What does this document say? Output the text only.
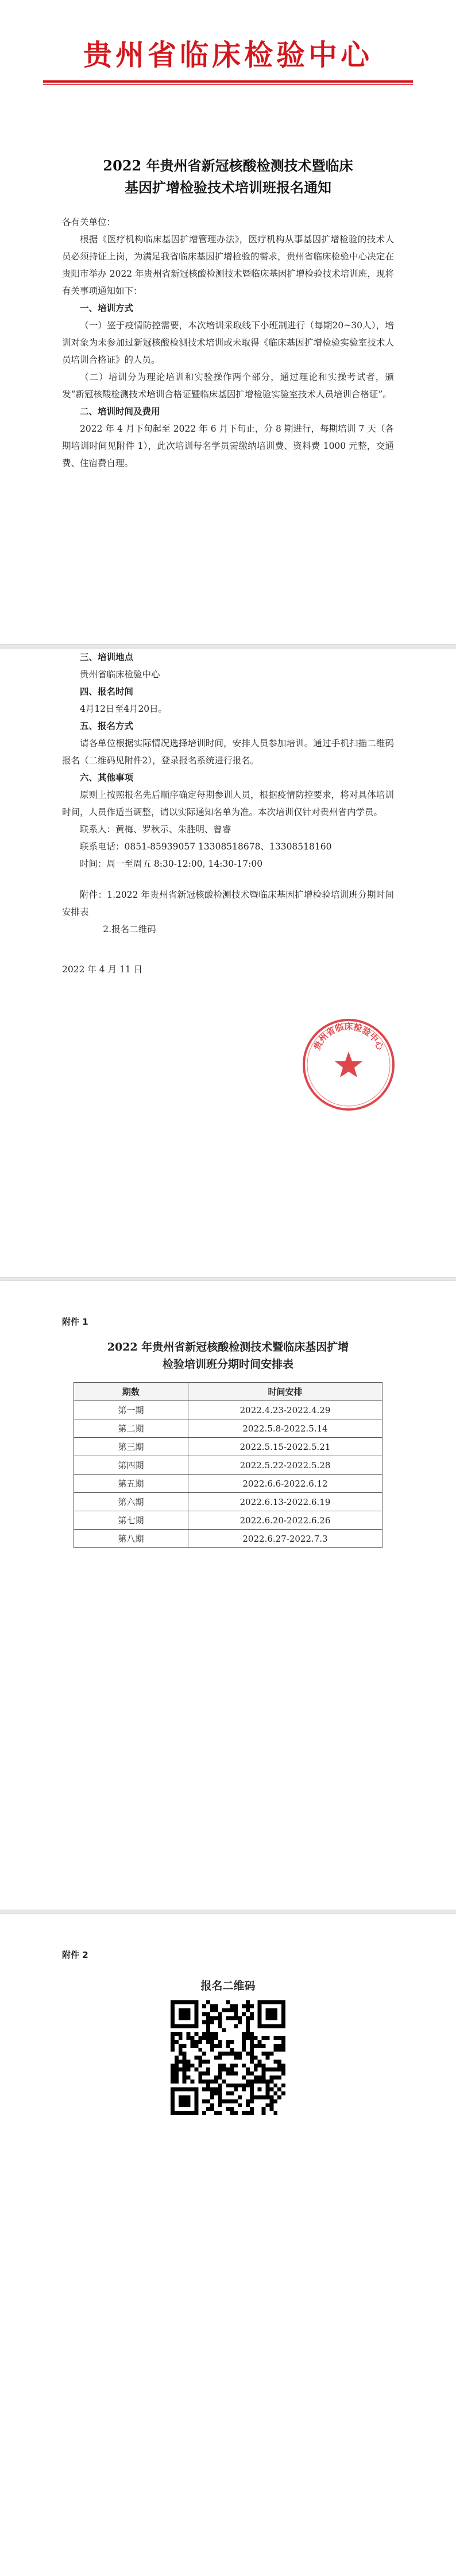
贵州省临床检验中心
2022 年贵州省新冠核酸检测技术暨临床
基因扩增检验技术培训班报名通知

各有关单位：

根据《医疗机构临床基因扩增管理办法》，医疗机构从事基因扩增检验的技术人员必须持证上岗，为满足我省临床基因扩增检验的需求，贵州省临床检验中心决定在贵阳市举办 2022 年贵州省新冠核酸检测技术暨临床基因扩增检验技术培训班，现将有关事项通知如下：

一、培训方式

（一）鉴于疫情防控需要，本次培训采取线下小班制进行（每期20~30人），培训对象为未参加过新冠核酸检测技术培训或未取得《临床基因扩增检验实验室技术人员培训合格证》的人员。

（二）培训分为理论培训和实验操作两个部分，通过理论和实操考试者，颁发“新冠核酸检测技术培训合格证暨临床基因扩增检验实验室技术人员培训合格证”。

二、培训时间及费用

2022 年 4 月下旬起至 2022 年 6 月下旬止，分 8 期进行，每期培训 7 天（各期培训时间见附件 1），此次培训每名学员需缴纳培训费、资料费 1000 元整，交通费、住宿费自理。

三、培训地点

贵州省临床检验中心

四、报名时间

4月12日至4月20日。

五、报名方式

请各单位根据实际情况选择培训时间，安排人员参加培训。通过手机扫描二维码报名（二维码见附件2），登录报名系统进行报名。

六、其他事项

原则上按照报名先后顺序确定每期参训人员，根据疫情防控要求，将对具体培训时间，人员作适当调整，请以实际通知名单为准。本次培训仅针对贵州省内学员。

联系人：黄梅、罗秋示、朱胜明、曾睿

联系电话：0851-85939057 13308518678、13308518160

时间：周一至周五 8:30-12:00, 14:30-17:00

附件：1.2022 年贵州省新冠核酸检测技术暨临床基因扩增检验培训班分期时间安排表

2.报名二维码

2022 年 4 月 11 日

贵州省临床检验中心
附件 1
2022 年贵州省新冠核酸检测技术暨临床基因扩增
检验培训班分期时间安排表
期数	时间安排
第一期	2022.4.23-2022.4.29
第二期	2022.5.8-2022.5.14
第三期	2022.5.15-2022.5.21
第四期	2022.5.22-2022.5.28
第五期	2022.6.6-2022.6.12
第六期	2022.6.13-2022.6.19
第七期	2022.6.20-2022.6.26
第八期	2022.6.27-2022.7.3
附件 2
报名二维码
